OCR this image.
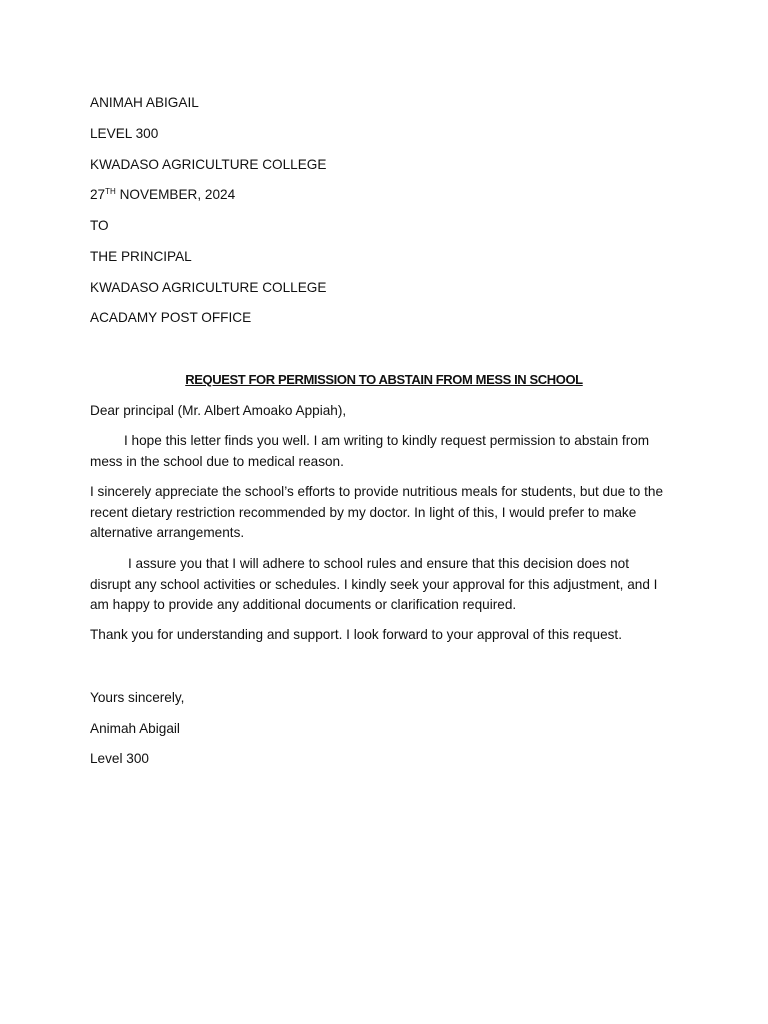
ANIMAH ABIGAIL
LEVEL 300
KWADASO AGRICULTURE COLLEGE
27TH NOVEMBER, 2024
TO
THE PRINCIPAL
KWADASO AGRICULTURE COLLEGE
ACADAMY POST OFFICE
REQUEST FOR PERMISSION TO ABSTAIN FROM MESS IN SCHOOL
Dear principal (Mr. Albert Amoako Appiah),

I hope this letter finds you well. I am writing to kindly request permission to abstain from mess in the school due to medical reason.

I sincerely appreciate the school’s efforts to provide nutritious meals for students, but due to the recent dietary restriction recommended by my doctor. In light of this, I would prefer to make alternative arrangements.

I assure you that I will adhere to school rules and ensure that this decision does not disrupt any school activities or schedules. I kindly seek your approval for this adjustment, and I am happy to provide any additional documents or clarification required.

Thank you for understanding and support. I look forward to your approval of this request.

Yours sincerely,
Animah Abigail
Level 300
